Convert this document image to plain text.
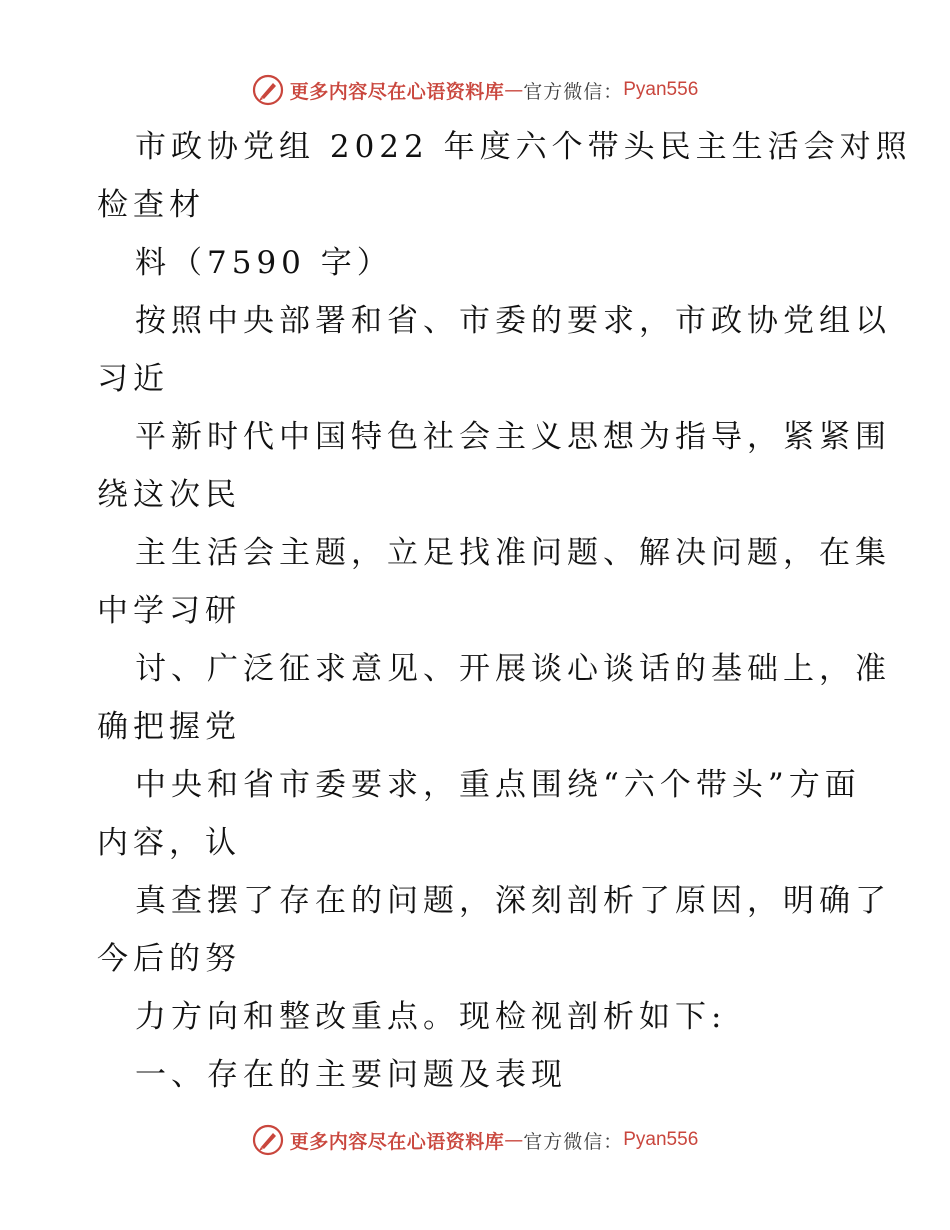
更多内容尽在心语资料库 — 官方微信： Pyan556
市政协党组 2022 年度六个带头民主生活会对照
检查材
料（7590 字）
按照中央部署和省、市委的要求，市政协党组以
习近
平新时代中国特色社会主义思想为指导，紧紧围
绕这次民
主生活会主题，立足找准问题、解决问题，在集
中学习研
讨、广泛征求意见、开展谈心谈话的基础上，准
确把握党
中央和省市委要求，重点围绕“六个带头”方面
内容，认
真查摆了存在的问题，深刻剖析了原因，明确了
今后的努
力方向和整改重点。现检视剖析如下:
一、存在的主要问题及表现
更多内容尽在心语资料库 — 官方微信： Pyan556
